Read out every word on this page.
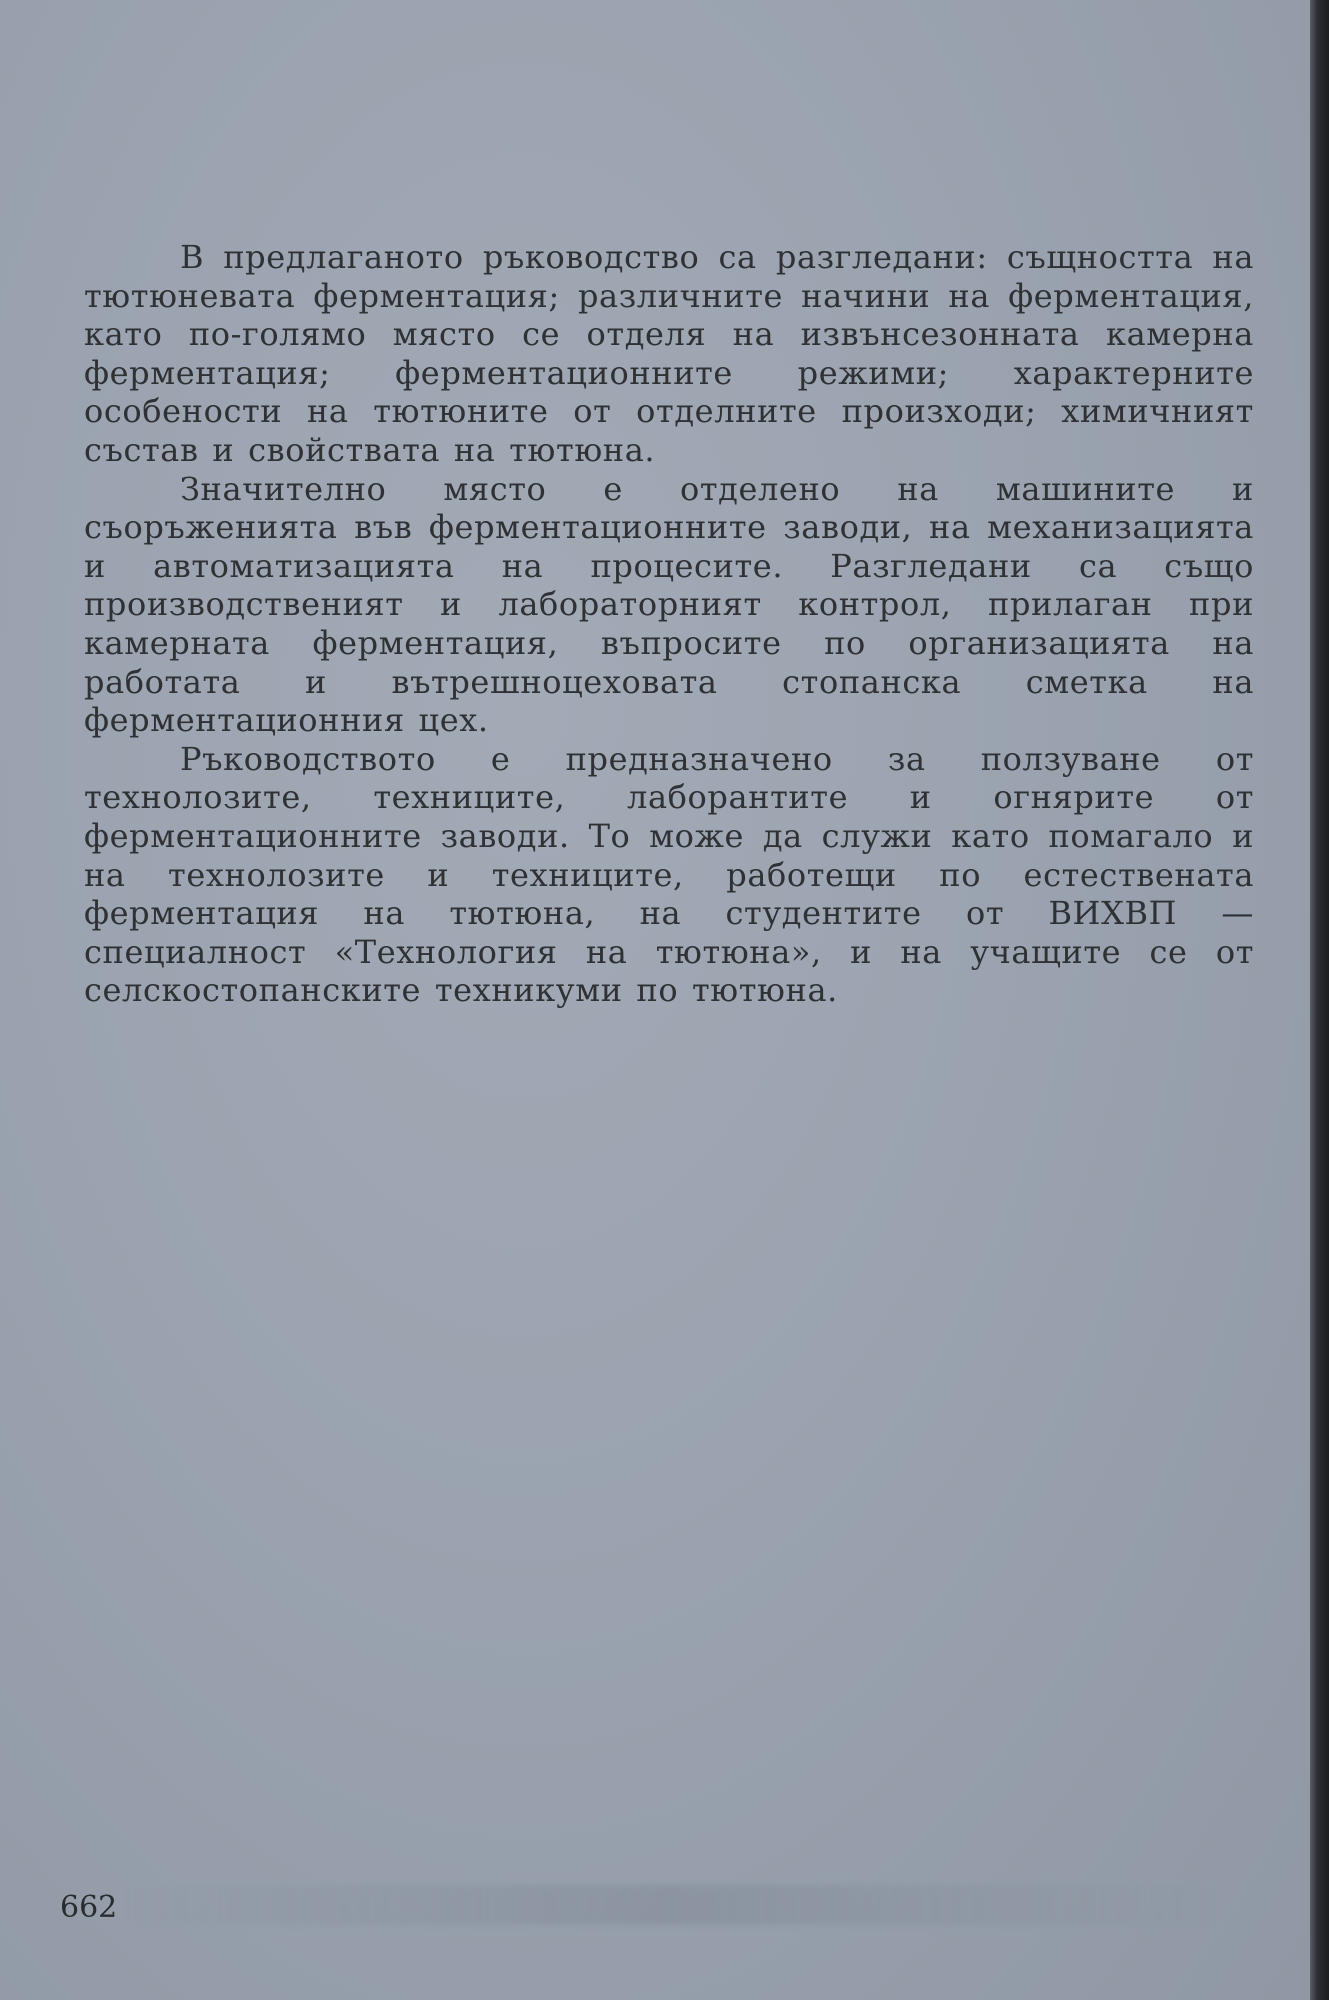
В предлаганото ръководство са разгледани: същността на тютюневата ферментация; различните начини на ферментация, като по-голямо място се отделя на извънсезонната камерна ферментация; ферментационните режими; характерните особености на тютюните от отделните произходи; химичният състав и свойствата на тютюна.

Значително място е отделено на машините и съоръженията във ферментационните заводи, на механизацията и автоматизацията на процесите. Разгледани са също производственият и лабораторният контрол, прилаган при камерната ферментация, въпросите по организацията на работата и вътрешноцеховата стопанска сметка на ферментационния цех.

Ръководството е предназначено за ползуване от технолозите, техниците, лаборантите и огнярите от ферментационните заводи. То може да служи като помагало и на технолозите и техниците, работещи по естествената ферментация на тютюна, на студентите от ВИХВП — специалност «Технология на тютюна», и на учащите се от селскостопанските техникуми по тютюна.

662
